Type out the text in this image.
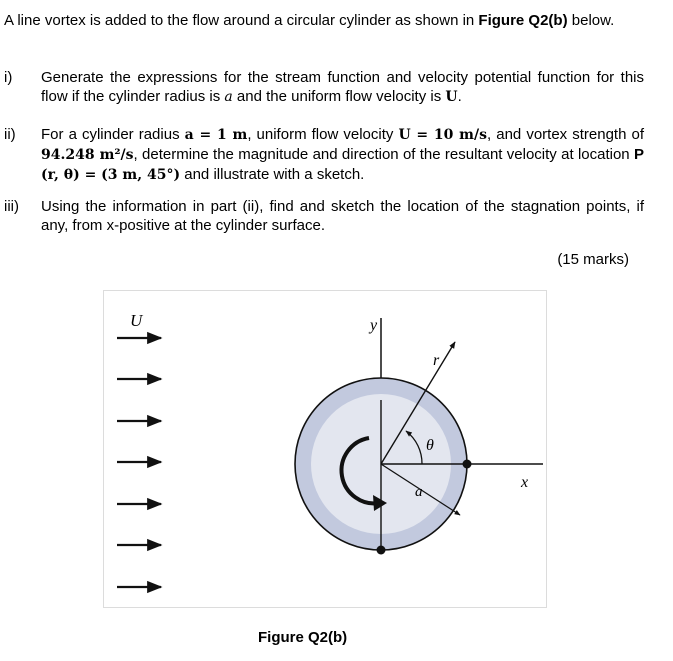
A line vortex is added to the flow around a circular cylinder as shown in Figure Q2(b) below.
i) Generate the expressions for the stream function and velocity potential function for this flow if the cylinder radius is a and the uniform flow velocity is U.
ii) For a cylinder radius a = 1 m, uniform flow velocity U = 10 m/s, and vortex strength of 94.248 m²/s, determine the magnitude and direction of the resultant velocity at location P (r, θ) = (3 m, 45°) and illustrate with a sketch.
iii) Using the information in part (ii), find and sketch the location of the stagnation points, if any, from x-positive at the cylinder surface.
(15 marks)
U	y
x
r
θ
a
Figure Q2(b)
